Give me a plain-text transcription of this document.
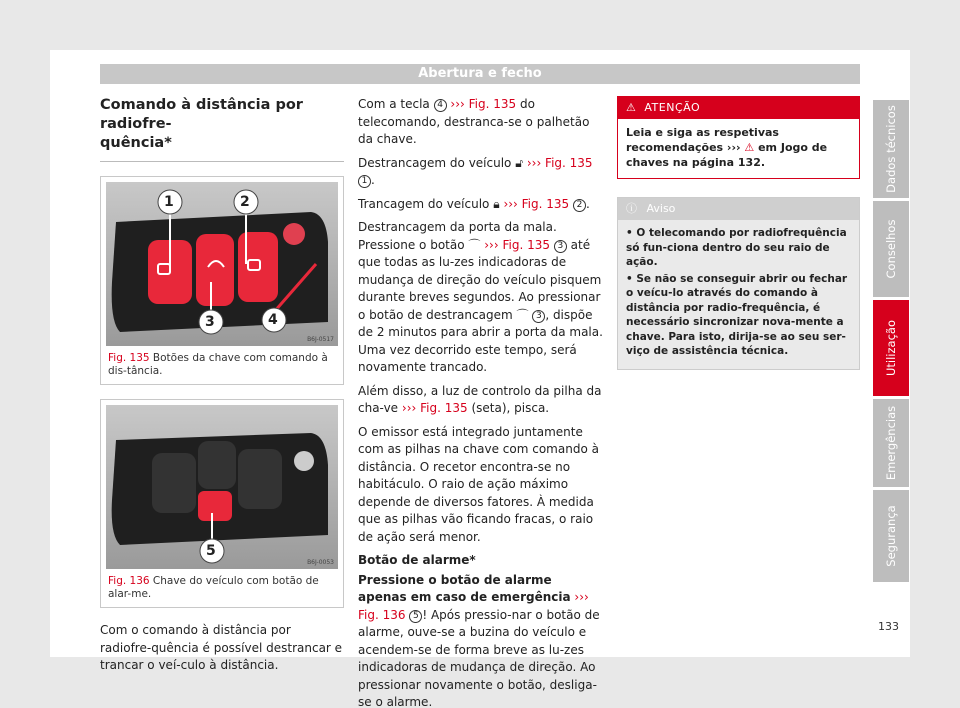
Abertura e fecho
Comando à distância por radiofre-
quência*
1	2
3	4
B6J-0517
Fig. 135 Botões da chave com comando à dis-tância.
5
B6J-0053
Fig. 136 Chave do veículo com botão de alar-me.
Com o comando à distância por radiofre-quência é possível destrancar e trancar o veí-culo à distância.

Com a tecla 4 ››› Fig. 135 do telecomando, destranca-se o palhetão da chave.

Destrancagem do veículo 🔓︎ ››› Fig. 135 1 .

Trancagem do veículo 🔒︎ ››› Fig. 135 2 .

Destrancagem da porta da mala. Pressione o botão ⌒ ››› Fig. 135 3 até que todas as lu-zes indicadoras de mudança de direção do veículo pisquem durante breves segundos. Ao pressionar o botão de destrancagem ⌒ 3 , dispõe de 2 minutos para abrir a porta da mala. Uma vez decorrido este tempo, será novamente trancado.

Além disso, a luz de controlo da pilha da cha-ve ››› Fig. 135 (seta), pisca.

O emissor está integrado juntamente com as pilhas na chave com comando à distância. O recetor encontra-se no habitáculo. O raio de ação máximo depende de diversos fatores. À medida que as pilhas vão ficando fracas, o raio de ação será menor.

Botão de alarme*

Pressione o botão de alarme apenas em caso de emergência ››› Fig. 136 5 ! Após pressio-nar o botão de alarme, ouve-se a buzina do veículo e acendem-se de forma breve as lu-zes indicadoras de mudança de direção. Ao pressionar novamente o botão, desliga-se o alarme.

⚠ ATENÇÃO
Leia e siga as respetivas recomendações ››› ⚠ em Jogo de chaves na página 132.
ⓘ Aviso
• O telecomando por radiofrequência só fun-ciona dentro do seu raio de ação.
• Se não se conseguir abrir ou fechar o veícu-lo através do comando à distância por radio-frequência, é necessário sincronizar nova-mente a chave. Para isto, dirija-se ao seu ser-viço de assistência técnica.
Dados técnicos
Conselhos
Utilização
Emergências
Segurança
133
